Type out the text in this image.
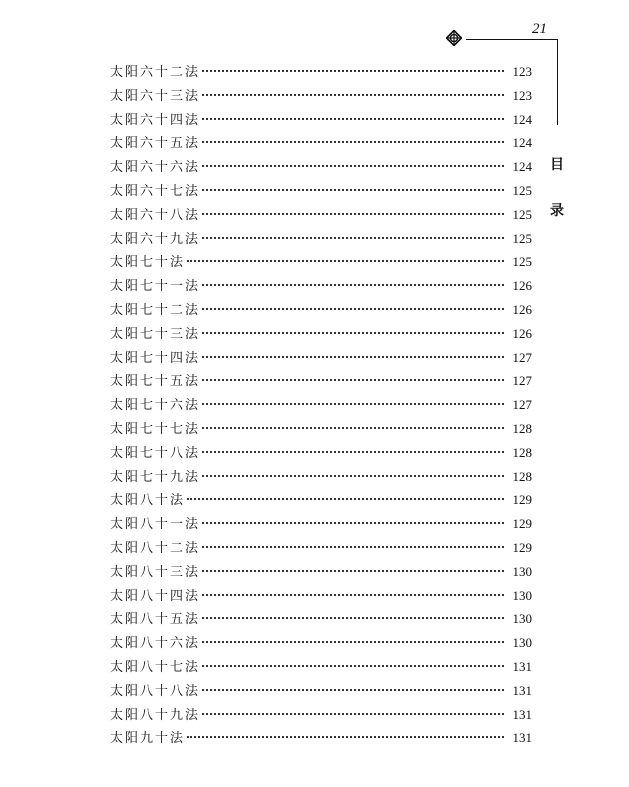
21
目
录
太阳六十二法	123
太阳六十三法	123
太阳六十四法	124
太阳六十五法	124
太阳六十六法	124
太阳六十七法	125
太阳六十八法	125
太阳六十九法	125
太阳七十法	125
太阳七十一法	126
太阳七十二法	126
太阳七十三法	126
太阳七十四法	127
太阳七十五法	127
太阳七十六法	127
太阳七十七法	128
太阳七十八法	128
太阳七十九法	128
太阳八十法	129
太阳八十一法	129
太阳八十二法	129
太阳八十三法	130
太阳八十四法	130
太阳八十五法	130
太阳八十六法	130
太阳八十七法	131
太阳八十八法	131
太阳八十九法	131
太阳九十法	131
